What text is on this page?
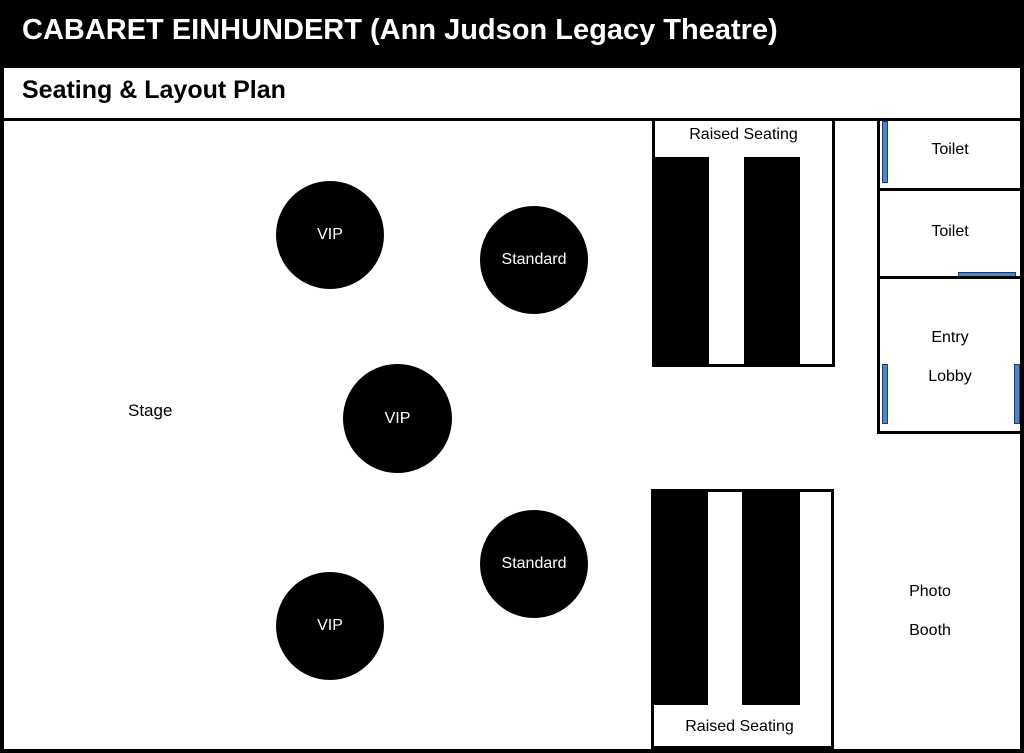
CABARET EINHUNDERT (Ann Judson Legacy Theatre)
Seating & Layout Plan
Stage
VIP
Standard
VIP
Standard
VIP
Raised Seating
Raised Seating
Toilet
Toilet
Entry
Lobby
Photo
Booth
